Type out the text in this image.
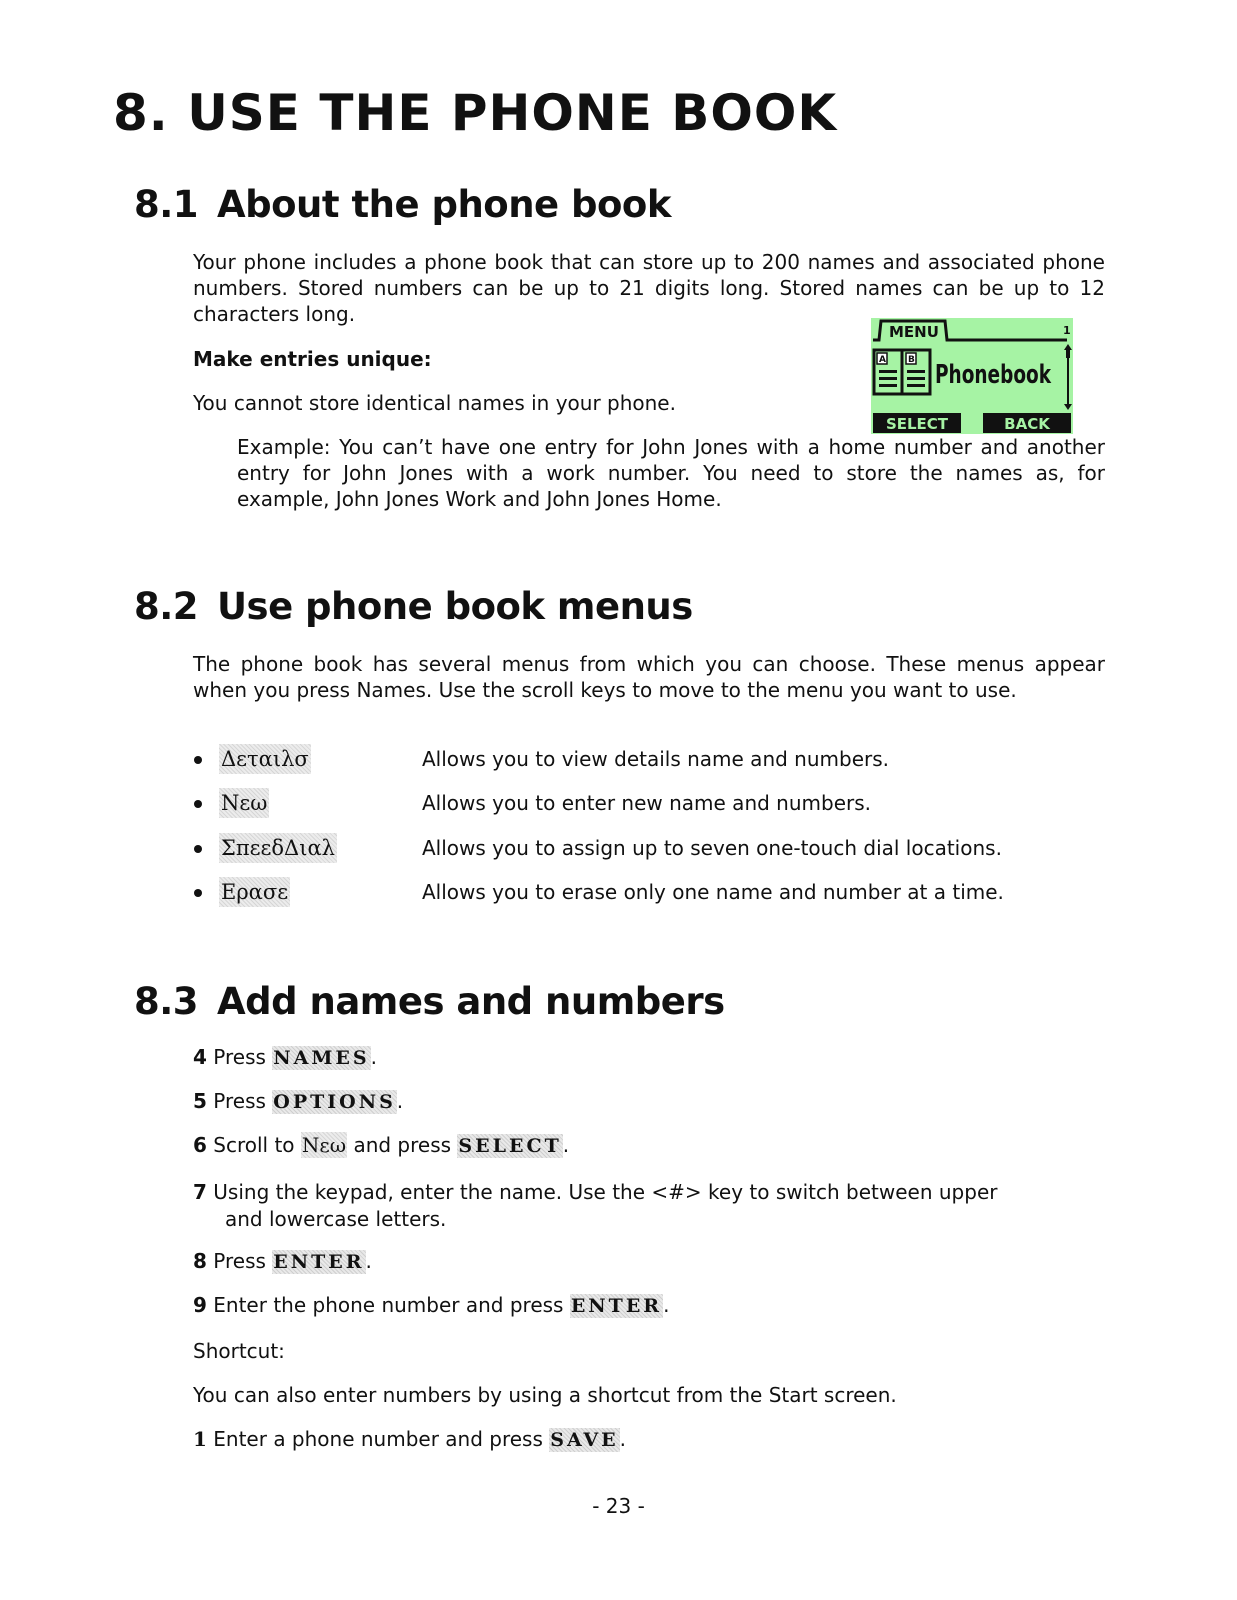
8. USE THE PHONE BOOK
8.1 About the phone book

Your phone includes a phone book that can store up to 200 names and associated phone numbers. Stored numbers can be up to 21 digits long. Stored names can be up to 12 characters long.

Make entries unique:

You cannot store identical names in your phone.

Example: You can’t have one entry for John Jones with a home number and another entry for John Jones with a work number. You need to store the names as, for example, John Jones Work and John Jones Home.

MENU	1
A B Phonebook
SELECT	BACK
8.2 Use phone book menus

The phone book has several menus from which you can choose. These menus appear when you press Names. Use the scroll keys to move to the menu you want to use.

Δεταιλσ	Allows you to view details name and numbers.
Νεω	Allows you to enter new name and numbers.
ΣπεεδΔιαλ	Allows you to assign up to seven one-touch dial locations.
Ερασε	Allows you to erase only one name and number at a time.
8.3 Add names and numbers
4 Press NAMES.
5 Press OPTIONS.
6 Scroll to Νεω and press SELECT.
7 Using the keypad, enter the name. Use the <#> key to switch between upper
and lowercase letters.
8 Press ENTER.
9 Enter the phone number and press ENTER.
Shortcut:
You can also enter numbers by using a shortcut from the Start screen.
1 Enter a phone number and press SAVE.
- 23 -
